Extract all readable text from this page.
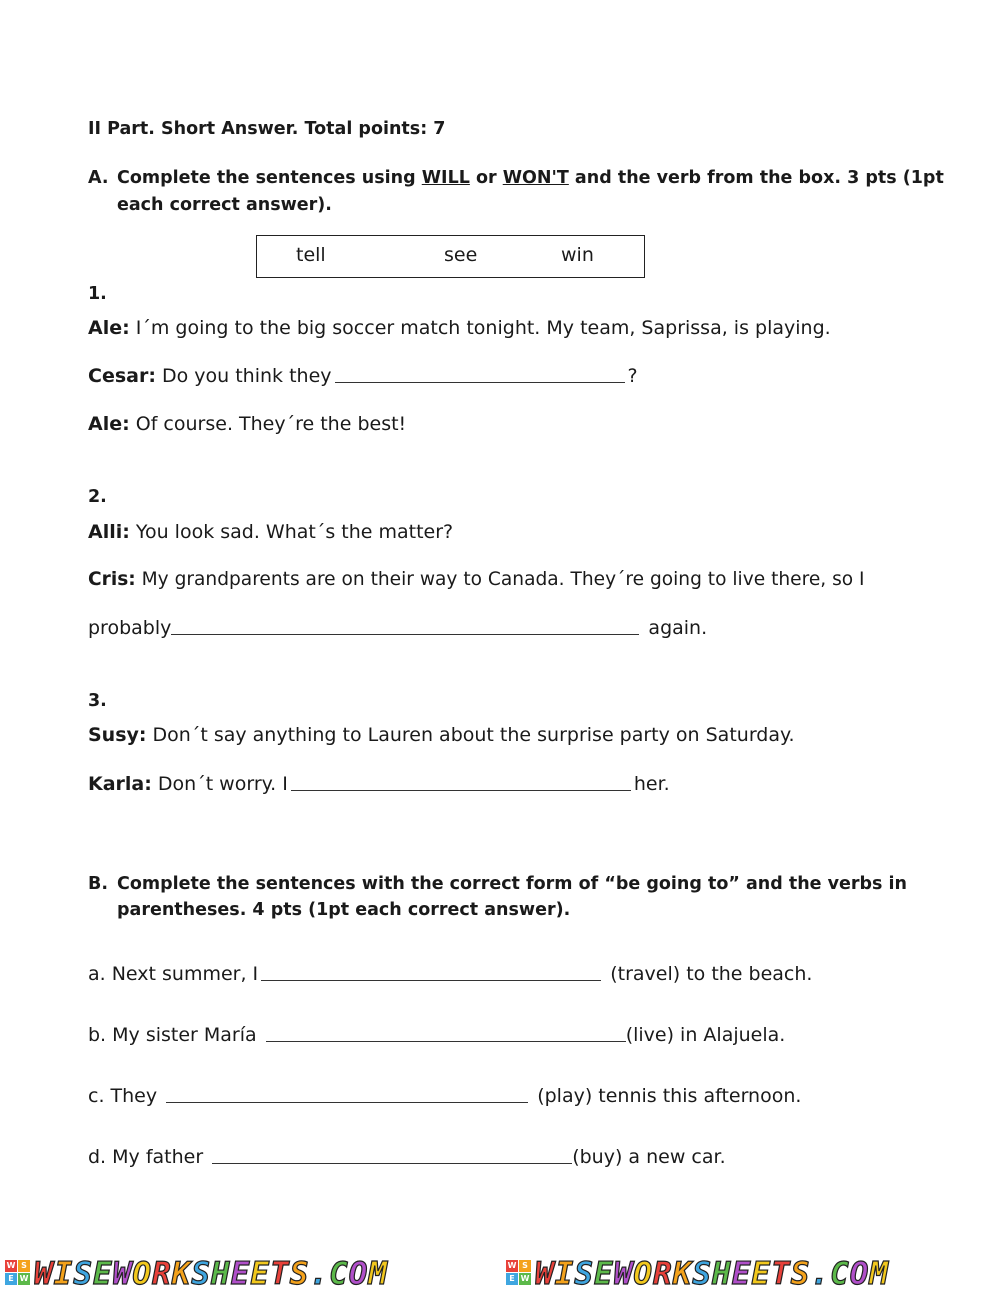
II Part. Short Answer. Total points: 7
A. Complete the sentences using WILL or WON'T and the verb from the box. 3 pts (1pt
each correct answer).
tell	see	win
1.
Ale: I´m going to the big soccer match tonight. My team, Saprissa, is playing.
Cesar: Do you think they	?
Ale: Of course. They´re the best!
2.
Alli: You look sad. What´s the matter?
Cris: My grandparents are on their way to Canada. They´re going to live there, so I
probably	again.
3.
Susy: Don´t say anything to Lauren about the surprise party on Saturday.
Karla: Don´t worry. I	her.
B. Complete the sentences with the correct form of “be going to” and the verbs in
parentheses. 4 pts (1pt each correct answer).
a. Next summer, I	(travel) to the beach.
b. My sister María	(live) in Alajuela.
c. They	(play) tennis this afternoon.
d. My father	(buy) a new car.
W S
E W WISEWORKSHEETS.COM	W S
E W WISEWORKSHEETS.COM
